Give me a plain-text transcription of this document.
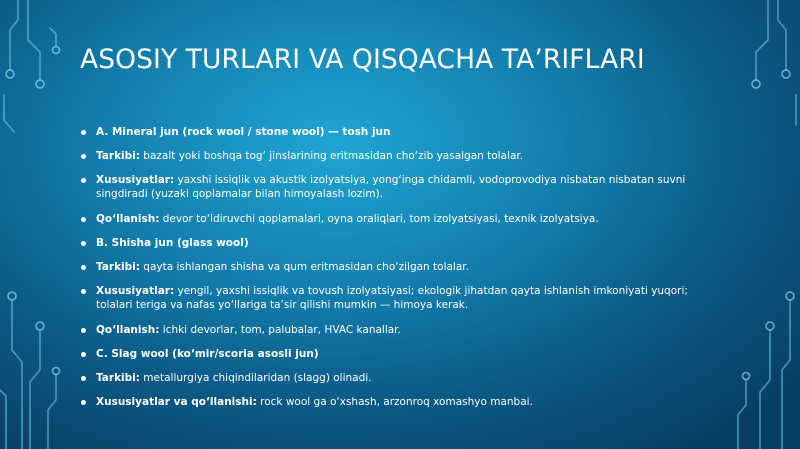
ASOSIY TURLARI VA QISQACHA TA’RIFLARI
A. Mineral jun (rock wool / stone wool) — tosh jun
Tarkibi: bazalt yoki boshqa tog‘ jinslarining eritmasidan cho‘zib yasalgan tolalar.
Xususiyatlar: yaxshi issiqlik va akustik izolyatsiya, yong‘inga chidamli, vodoprovodiya nisbatan nisbatan suvni singdiradi (yuzaki qoplamalar bilan himoyalash lozim).
Qo‘llanish: devor to‘ldiruvchi qoplamalari, oyna oraliqlari, tom izolyatsiyasi, texnik izolyatsiya.
B. Shisha jun (glass wool)
Tarkibi: qayta ishlangan shisha va qum eritmasidan cho‘zilgan tolalar.
Xususiyatlar: yengil, yaxshi issiqlik va tovush izolyatsiyasi; ekologik jihatdan qayta ishlanish imkoniyati yuqori; tolalari teriga va nafas yo‘llariga ta’sir qilishi mumkin — himoya kerak.
Qo‘llanish: ichki devorlar, tom, palubalar, HVAC kanallar.
C. Slag wool (ko‘mir/scoria asosli jun)
Tarkibi: metallurgiya chiqindilaridan (slagg) olinadi.
Xususiyatlar va qo‘llanishi: rock wool ga o‘xshash, arzonroq xomashyo manbai.
